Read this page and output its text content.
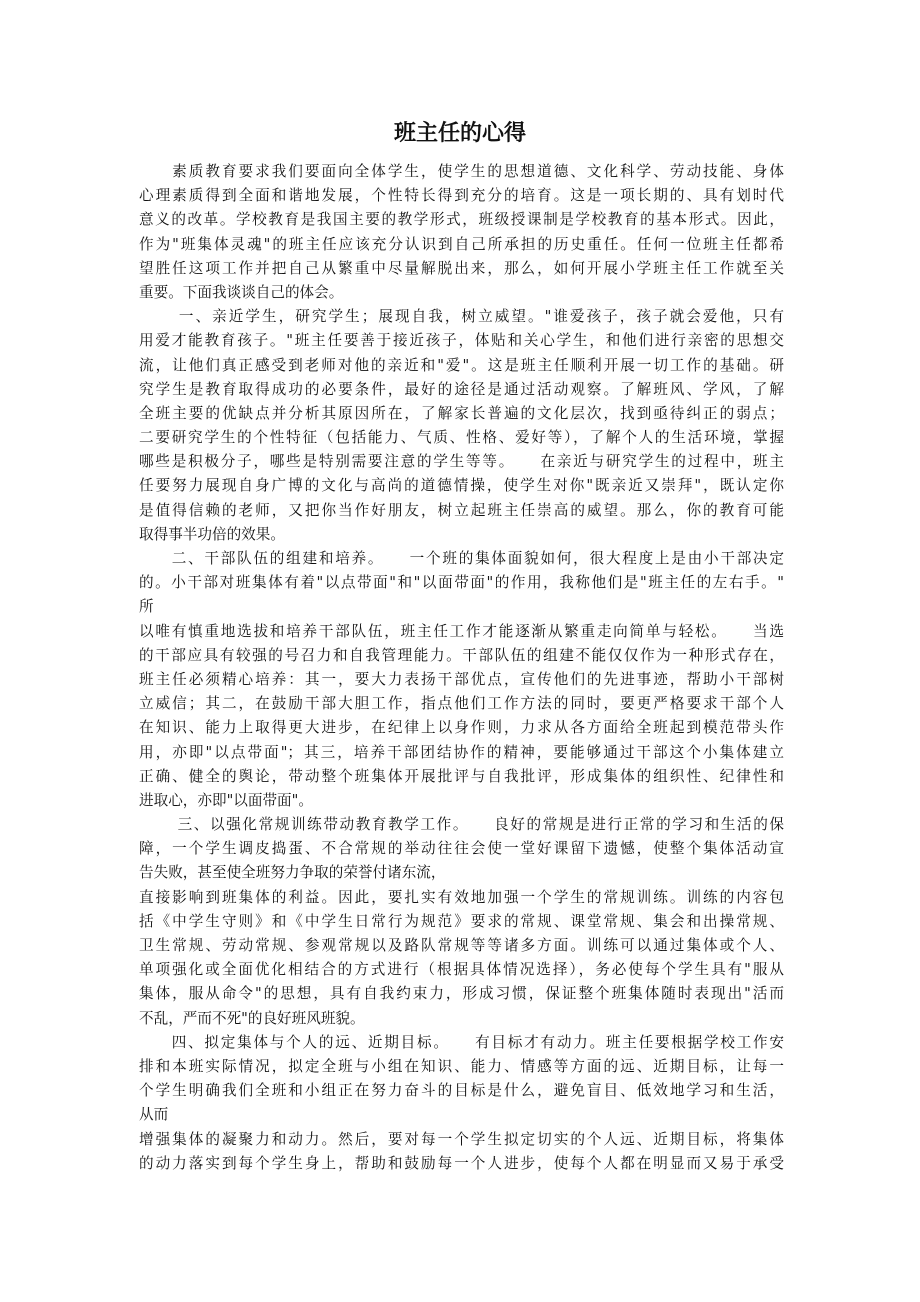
班主任的心得
　　素质教育要求我们要面向全体学生，使学生的思想道德、文化科学、劳动技能、身体
心理素质得到全面和谐地发展，个性特长得到充分的培育。这是一项长期的、具有划时代
意义的改革。学校教育是我国主要的教学形式，班级授课制是学校教育的基本形式。因此，
作为"班集体灵魂"的班主任应该充分认识到自己所承担的历史重任。任何一位班主任都希
望胜任这项工作并把自己从繁重中尽量解脱出来，那么，如何开展小学班主任工作就至关
重要。下面我谈谈自己的体会。
　　 一、亲近学生，研究学生；展现自我，树立威望。"谁爱孩子，孩子就会爱他，只有
用爱才能教育孩子。"班主任要善于接近孩子，体贴和关心学生，和他们进行亲密的思想交
流，让他们真正感受到老师对他的亲近和"爱"。这是班主任顺利开展一切工作的基础。研
究学生是教育取得成功的必要条件，最好的途径是通过活动观察。了解班风、学风，了解
全班主要的优缺点并分析其原因所在，了解家长普遍的文化层次，找到亟待纠正的弱点；
二要研究学生的个性特征（包括能力、气质、性格、爱好等），了解个人的生活环境，掌握
哪些是积极分子，哪些是特别需要注意的学生等等。　　在亲近与研究学生的过程中，班主
任要努力展现自身广博的文化与高尚的道德情操，使学生对你"既亲近又崇拜"，既认定你
是值得信赖的老师，又把你当作好朋友，树立起班主任崇高的威望。那么，你的教育可能
取得事半功倍的效果。
　　二、干部队伍的组建和培养。　　一个班的集体面貌如何，很大程度上是由小干部决定
的。小干部对班集体有着"以点带面"和"以面带面"的作用，我称他们是"班主任的左右手。"
所
以唯有慎重地选拔和培养干部队伍，班主任工作才能逐渐从繁重走向简单与轻松。　　当选
的干部应具有较强的号召力和自我管理能力。干部队伍的组建不能仅仅作为一种形式存在，
班主任必须精心培养：其一，要大力表扬干部优点，宣传他们的先进事迹，帮助小干部树
立威信；其二，在鼓励干部大胆工作，指点他们工作方法的同时，要更严格要求干部个人
在知识、能力上取得更大进步，在纪律上以身作则，力求从各方面给全班起到模范带头作
用，亦即"以点带面"；其三，培养干部团结协作的精神，要能够通过干部这个小集体建立
正确、健全的舆论，带动整个班集体开展批评与自我批评，形成集体的组织性、纪律性和
进取心，亦即"以面带面"。
　　 三、以强化常规训练带动教育教学工作。　　良好的常规是进行正常的学习和生活的保
障，一个学生调皮捣蛋、不合常规的举动往往会使一堂好课留下遗憾，使整个集体活动宣
告失败，甚至使全班努力争取的荣誉付诸东流，
直接影响到班集体的利益。因此，要扎实有效地加强一个学生的常规训练。训练的内容包
括《中学生守则》和《中学生日常行为规范》要求的常规、课堂常规、集会和出操常规、
卫生常规、劳动常规、参观常规以及路队常规等等诸多方面。训练可以通过集体或个人、
单项强化或全面优化相结合的方式进行（根据具体情况选择），务必使每个学生具有"服从
集体，服从命令"的思想，具有自我约束力，形成习惯，保证整个班集体随时表现出"活而
不乱，严而不死"的良好班风班貌。
　　四、拟定集体与个人的远、近期目标。　　有目标才有动力。班主任要根据学校工作安
排和本班实际情况，拟定全班与小组在知识、能力、情感等方面的远、近期目标，让每一
个学生明确我们全班和小组正在努力奋斗的目标是什么，避免盲目、低效地学习和生活，
从而
增强集体的凝聚力和动力。然后，要对每一个学生拟定切实的个人远、近期目标，将集体
的动力落实到每个学生身上，帮助和鼓励每一个人进步，使每个人都在明显而又易于承受
